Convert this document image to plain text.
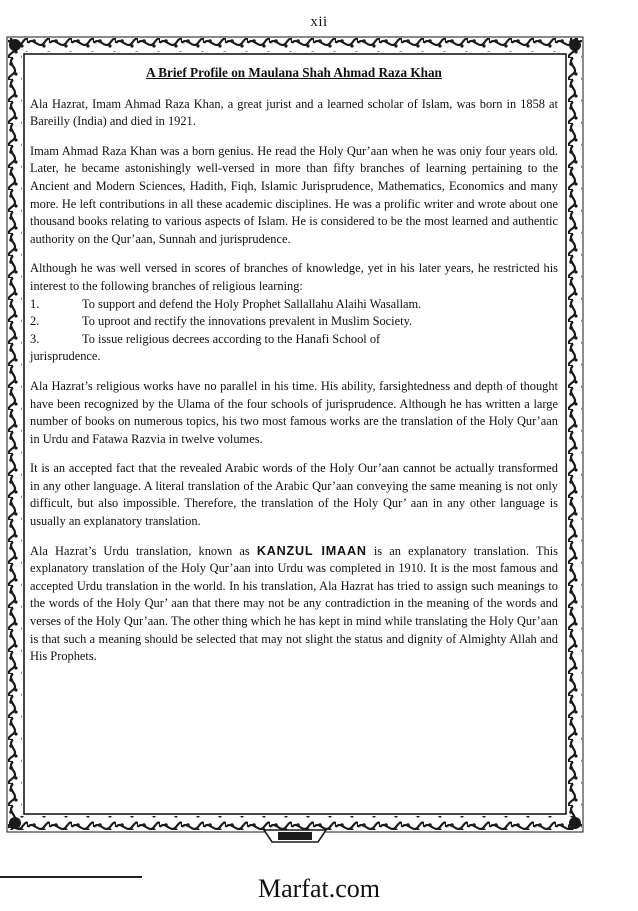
xii
A Brief Profile on Maulana Shah Ahmad Raza Khan

Ala Hazrat, Imam Ahmad Raza Khan, a great jurist and a learned scholar of Islam, was born in 1858 at Bareilly (India) and died in 1921.

Imam Ahmad Raza Khan was a born genius. He read the Holy Qur’aan when he was oniy four years old. Later, he became astonishingly well-versed in more than fifty branches of learning pertaining to the Ancient and Modern Sciences, Hadith, Fiqh, Islamic Jurisprudence, Mathematics, Economics and many more. He left contributions in all these academic disciplines. He was a prolific writer and wrote about one thousand books relating to various aspects of Islam. He is considered to be the most learned and authentic authority on the Qur’aan, Sunnah and jurisprudence.

Although he was well versed in scores of branches of knowledge, yet in his later years, he restricted his interest to the following branches of religious learning:

1.	To support and defend the Holy Prophet Sallallahu Alaihi Wasallam.
2.	To uproot and rectify the innovations prevalent in Muslim Society.
3.	To issue religious decrees according to the Hanafi School of
jurisprudence.

Ala Hazrat’s religious works have no parallel in his time. His ability, farsightedness and depth of thought have been recognized by the Ulama of the four schools of jurisprudence. Although he has written a large number of books on numerous topics, his two most famous works are the translation of the Holy Qur’aan in Urdu and Fatawa Razvia in twelve volumes.

It is an accepted fact that the revealed Arabic words of the Holy Our’aan cannot be actually transformed in any other language. A literal translation of the Arabic Qur’aan conveying the same meaning is not only difficult, but also impossible. Therefore, the translation of the Holy Qur’ aan in any other language is usually an explanatory translation.

Ala Hazrat’s Urdu translation, known as KANZUL IMAAN is an explanatory translation. This explanatory translation of the Holy Qur’aan into Urdu was completed in 1910. It is the most famous and accepted Urdu translation in the world. In his translation, Ala Hazrat has tried to assign such meanings to the words of the Holy Qur’ aan that there may not be any contradiction in the meaning of the words and verses of the Holy Qur’aan. The other thing which he has kept in mind while translating the Holy Qur’aan is that such a meaning should be selected that may not slight the status and dignity of Almighty Allah and His Prophets.

Marfat.com
